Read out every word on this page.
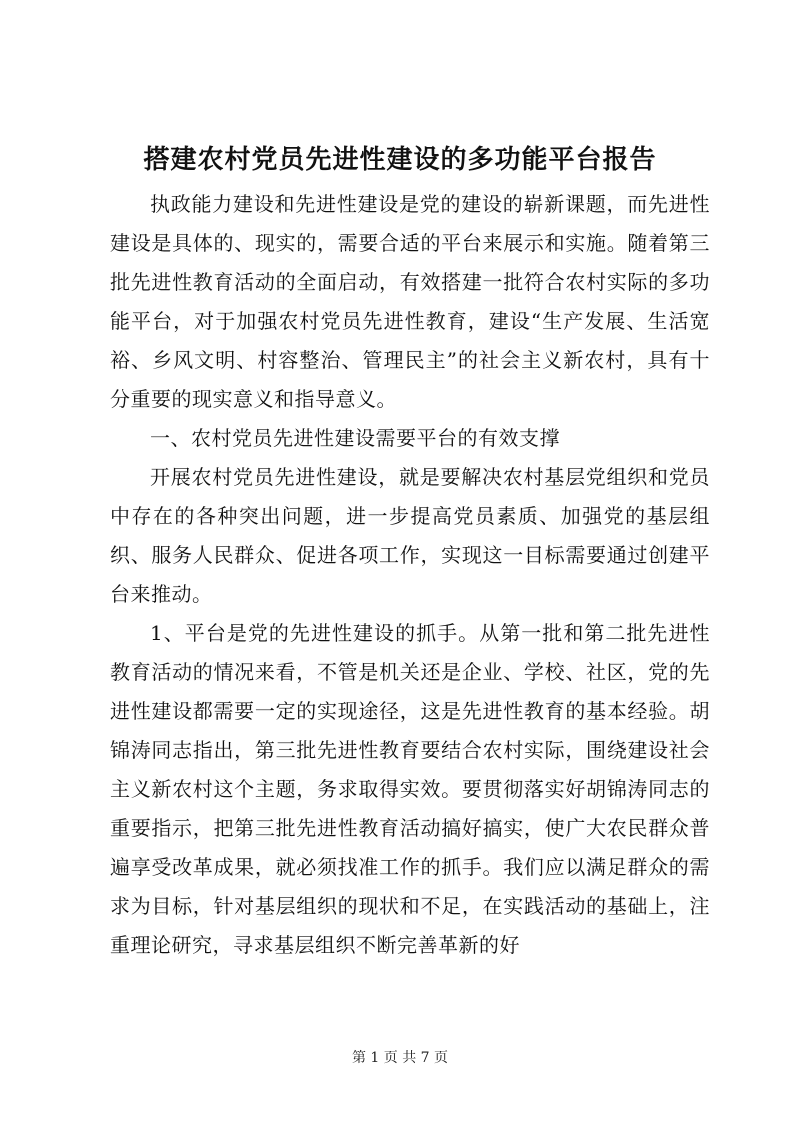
搭建农村党员先进性建设的多功能平台报告

执政能力建设和先进性建设是党的建设的崭新课题，而先进性建设是具体的、现实的，需要合适的平台来展示和实施。随着第三批先进性教育活动的全面启动，有效搭建一批符合农村实际的多功能平台，对于加强农村党员先进性教育，建设“生产发展、生活宽裕、乡风文明、村容整治、管理民主”的社会主义新农村，具有十分重要的现实意义和指导意义。

一、农村党员先进性建设需要平台的有效支撑

开展农村党员先进性建设，就是要解决农村基层党组织和党员中存在的各种突出问题，进一步提高党员素质、加强党的基层组织、服务人民群众、促进各项工作，实现这一目标需要通过创建平台来推动。

1、平台是党的先进性建设的抓手。从第一批和第二批先进性教育活动的情况来看，不管是机关还是企业、学校、社区，党的先进性建设都需要一定的实现途径，这是先进性教育的基本经验。胡锦涛同志指出，第三批先进性教育要结合农村实际，围绕建设社会主义新农村这个主题，务求取得实效。要贯彻落实好胡锦涛同志的重要指示，把第三批先进性教育活动搞好搞实，使广大农民群众普遍享受改革成果，就必须找准工作的抓手。我们应以满足群众的需求为目标，针对基层组织的现状和不足，在实践活动的基础上，注重理论研究，寻求基层组织不断完善革新的好

第 1 页 共 7 页
